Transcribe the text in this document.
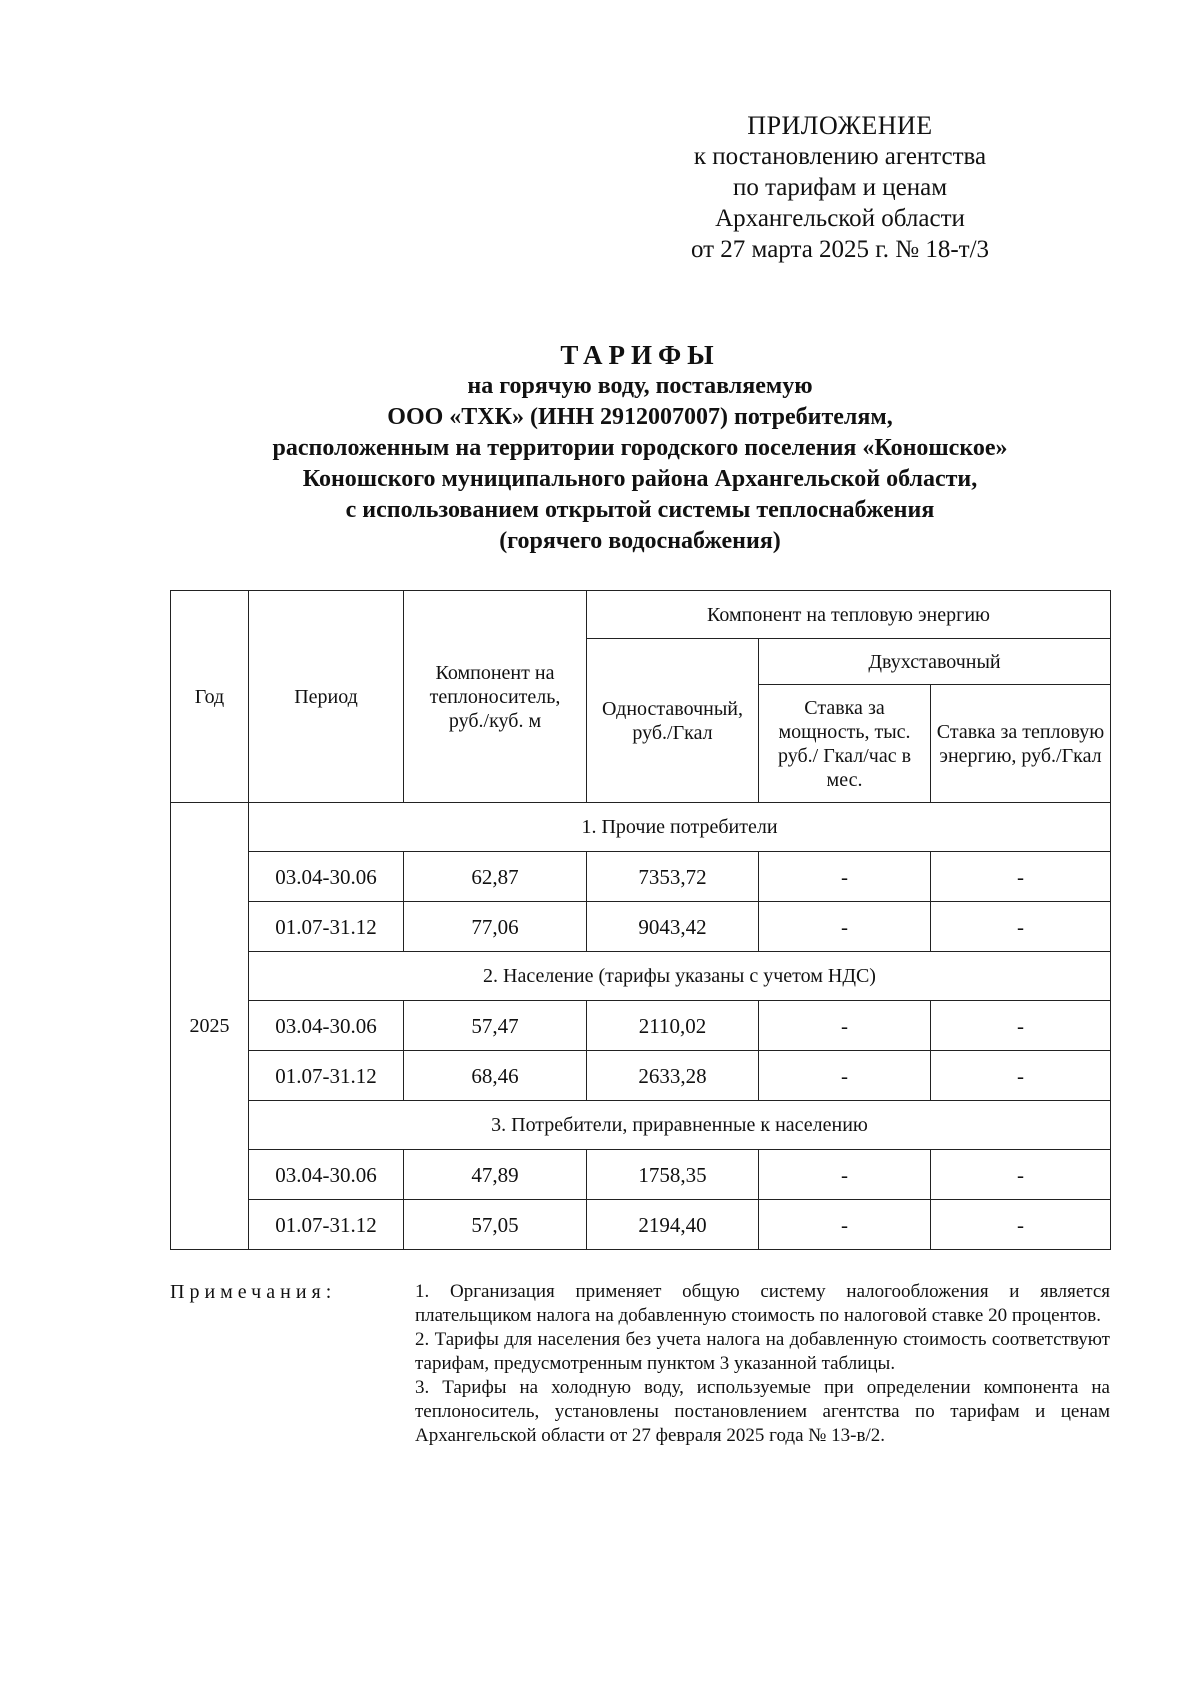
ПРИЛОЖЕНИЕ
к постановлению агентства
по тарифам и ценам
Архангельской области
от 27 марта 2025 г. № 18-т/3
ТАРИФЫ
на горячую воду, поставляемую
ООО «ТХК» (ИНН 2912007007) потребителям,
расположенным на территории городского поселения «Коношское»
Коношского муниципального района Архангельской области,
с использованием открытой системы теплоснабжения
(горячего водоснабжения)
Год	Период	Компонент на теплоноситель, руб./куб. м	Компонент на тепловую энергию		
			Одноставочный, руб./Гкал	Двухставочный	
				Ставка за мощность, тыс. руб./ Гкал/час в мес.	Ставка за тепловую энергию, руб./Гкал
2025	1. Прочие потребители				
	03.04-30.06	62,87	7353,72	-	-
	01.07-31.12	77,06	9043,42	-	-
	2. Население (тарифы указаны с учетом НДС)				
	03.04-30.06	57,47	2110,02	-	-
	01.07-31.12	68,46	2633,28	-	-
	3. Потребители, приравненные к населению				
	03.04-30.06	47,89	1758,35	-	-
	01.07-31.12	57,05	2194,40	-	-
Примечания:	1. Организация применяет общую систему налогообложения и является плательщиком налога на добавленную стоимость по налоговой ставке 20 процентов.

2. Тарифы для населения без учета налога на добавленную стоимость соответствуют тарифам, предусмотренным пунктом 3 указанной таблицы.

3. Тарифы на холодную воду, используемые при определении компонента на теплоноситель, установлены постановлением агентства по тарифам и ценам Архангельской области от 27 февраля 2025 года № 13-в/2.
